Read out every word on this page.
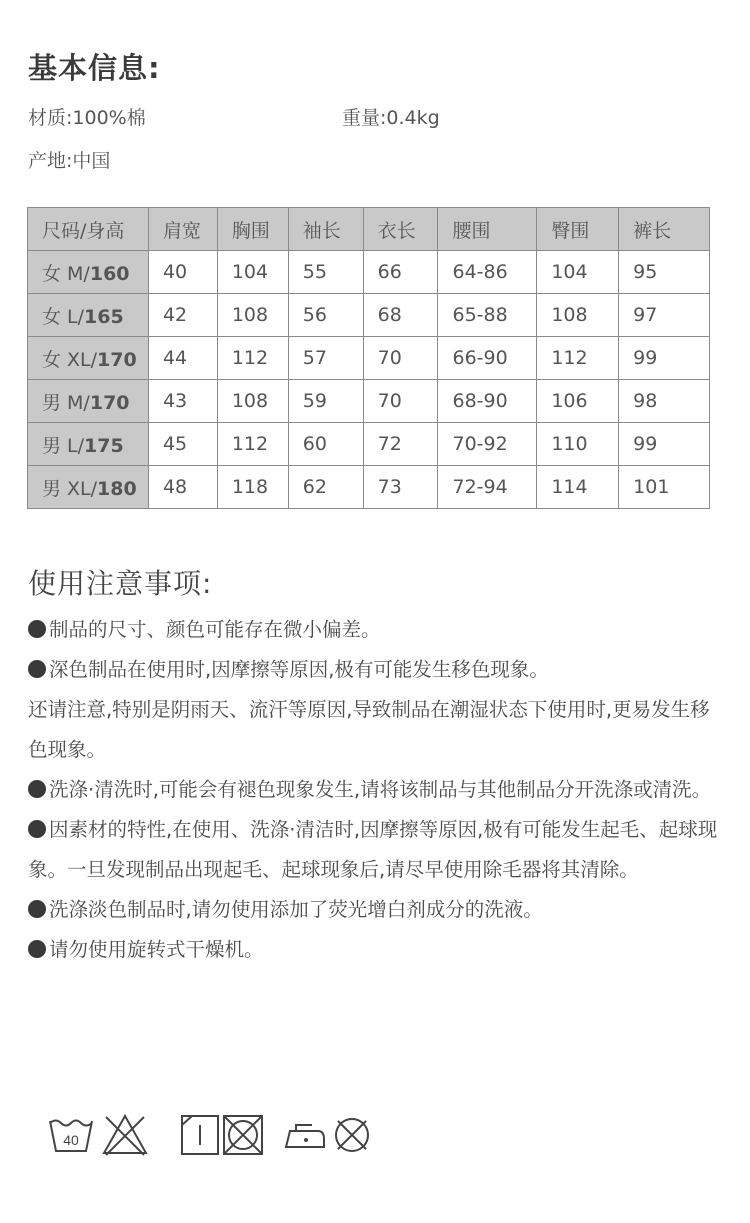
基本信息:
材质:100%棉	重量:0.4kg
产地:中国
尺码/身高	肩宽	胸围	袖长	衣长	腰围	臀围	裤长
女 M/160	40	104	55	66	64-86	104	95
女 L/165	42	108	56	68	65-88	108	97
女 XL/170	44	112	57	70	66-90	112	99
男 M/170	43	108	59	70	68-90	106	98
男 L/175	45	112	60	72	70-92	110	99
男 XL/180	48	118	62	73	72-94	114	101
使用注意事项:

制品的尺寸、颜色可能存在微小偏差。

深色制品在使用时,因摩擦等原因,极有可能发生移色现象。

还请注意,特别是阴雨天、流汗等原因,导致制品在潮湿状态下使用时,更易发生移色现象。

洗涤·清洗时,可能会有褪色现象发生,请将该制品与其他制品分开洗涤或清洗。

因素材的特性,在使用、洗涤·清洁时,因摩擦等原因,极有可能发生起毛、起球现象。一旦发现制品出现起毛、起球现象后,请尽早使用除毛器将其清除。

洗涤淡色制品时,请勿使用添加了荧光增白剂成分的洗液。

请勿使用旋转式干燥机。

40
